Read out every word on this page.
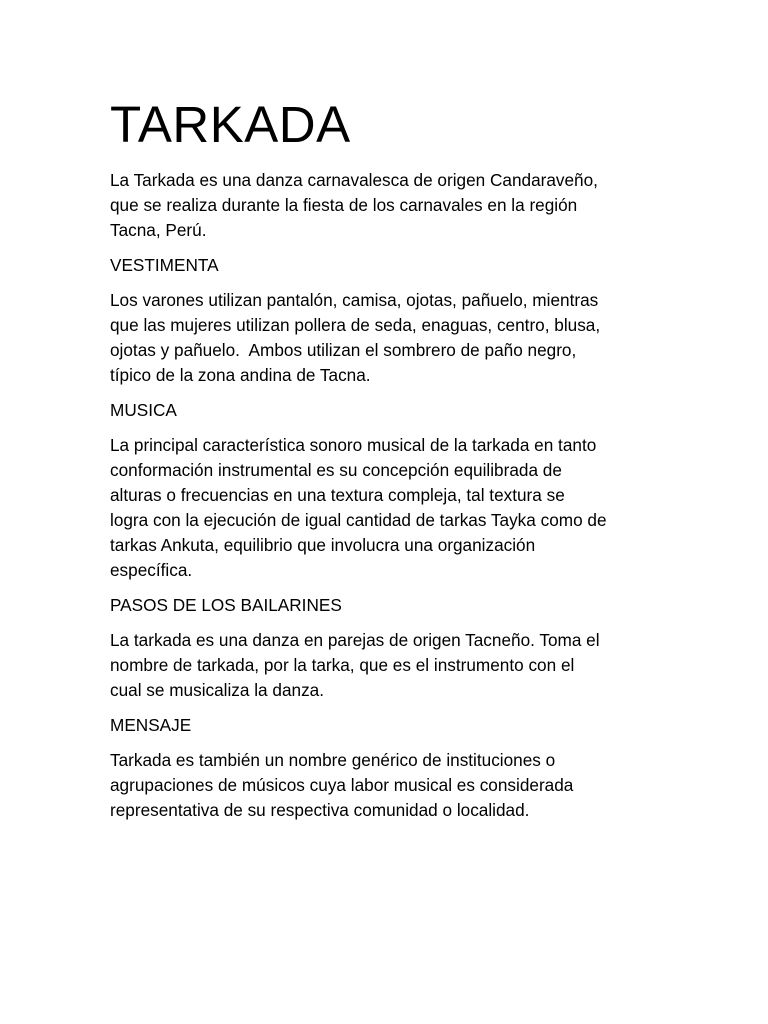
TARKADA

La Tarkada es una danza carnavalesca de origen Candaraveño,
que se realiza durante la fiesta de los carnavales en la región
Tacna, Perú.

VESTIMENTA

Los varones utilizan pantalón, camisa, ojotas, pañuelo, mientras
que las mujeres utilizan pollera de seda, enaguas, centro, blusa,
ojotas y pañuelo.  Ambos utilizan el sombrero de paño negro,
típico de la zona andina de Tacna.

MUSICA

La principal característica sonoro musical de la tarkada en tanto
conformación instrumental es su concepción equilibrada de
alturas o frecuencias en una textura compleja, tal textura se
logra con la ejecución de igual cantidad de tarkas Tayka como de
tarkas Ankuta, equilibrio que involucra una organización
específica.

PASOS DE LOS BAILARINES

La tarkada es una danza en parejas de origen Tacneño. Toma el
nombre de tarkada, por la tarka, que es el instrumento con el
cual se musicaliza la danza.

MENSAJE

Tarkada es también un nombre genérico de instituciones o
agrupaciones de músicos cuya labor musical es considerada
representativa de su respectiva comunidad o localidad.
